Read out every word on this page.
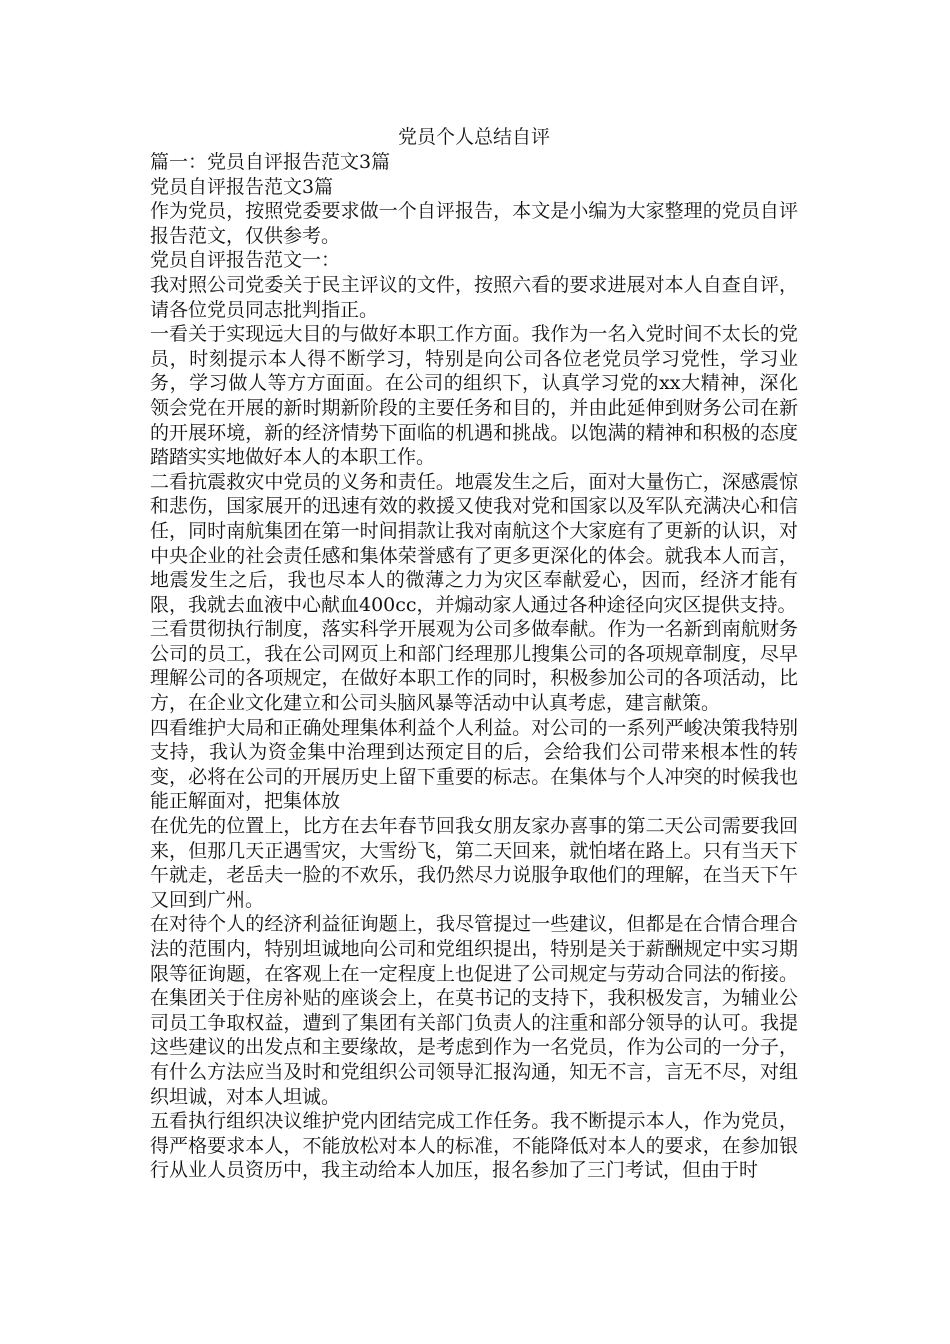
党员个人总结自评

篇一：党员自评报告范文3篇

党员自评报告范文3篇

作为党员，按照党委要求做一个自评报告，本文是小编为大家整理的党员自评报告范文，仅供参考。

党员自评报告范文一：

我对照公司党委关于民主评议的文件，按照六看的要求进展对本人自查自评，请各位党员同志批判指正。

一看关于实现远大目的与做好本职工作方面。我作为一名入党时间不太长的党员，时刻提示本人得不断学习，特别是向公司各位老党员学习党性，学习业务，学习做人等方方面面。在公司的组织下，认真学习党的xx大精神，深化领会党在开展的新时期新阶段的主要任务和目的，并由此延伸到财务公司在新的开展环境，新的经济情势下面临的机遇和挑战。以饱满的精神和积极的态度踏踏实实地做好本人的本职工作。

二看抗震救灾中党员的义务和责任。地震发生之后，面对大量伤亡，深感震惊和悲伤，国家展开的迅速有效的救援又使我对党和国家以及军队充满决心和信任，同时南航集团在第一时间捐款让我对南航这个大家庭有了更新的认识，对中央企业的社会责任感和集体荣誉感有了更多更深化的体会。就我本人而言，地震发生之后，我也尽本人的微薄之力为灾区奉献爱心，因而，经济才能有限，我就去血液中心献血400cc，并煽动家人通过各种途径向灾区提供支持。

三看贯彻执行制度，落实科学开展观为公司多做奉献。作为一名新到南航财务公司的员工，我在公司网页上和部门经理那儿搜集公司的各项规章制度，尽早理解公司的各项规定，在做好本职工作的同时，积极参加公司的各项活动，比方，在企业文化建立和公司头脑风暴等活动中认真考虑，建言献策。

四看维护大局和正确处理集体利益个人利益。对公司的一系列严峻决策我特别支持，我认为资金集中治理到达预定目的后，会给我们公司带来根本性的转变，必将在公司的开展历史上留下重要的标志。在集体与个人冲突的时候我也能正解面对，把集体放

在优先的位置上，比方在去年春节回我女朋友家办喜事的第二天公司需要我回来，但那几天正遇雪灾，大雪纷飞，第二天回来，就怕堵在路上。只有当天下午就走，老岳夫一脸的不欢乐，我仍然尽力说服争取他们的理解，在当天下午又回到广州。

在对待个人的经济利益征询题上，我尽管提过一些建议，但都是在合情合理合法的范围内，特别坦诚地向公司和党组织提出，特别是关于薪酬规定中实习期限等征询题，在客观上在一定程度上也促进了公司规定与劳动合同法的衔接。在集团关于住房补贴的座谈会上，在莫书记的支持下，我积极发言，为辅业公司员工争取权益，遭到了集团有关部门负责人的注重和部分领导的认可。我提这些建议的出发点和主要缘故，是考虑到作为一名党员，作为公司的一分子，有什么方法应当及时和党组织公司领导汇报沟通，知无不言，言无不尽，对组织坦诚，对本人坦诚。

五看执行组织决议维护党内团结完成工作任务。我不断提示本人，作为党员，得严格要求本人，不能放松对本人的标准，不能降低对本人的要求，在参加银行从业人员资历中，我主动给本人加压，报名参加了三门考试，但由于时
